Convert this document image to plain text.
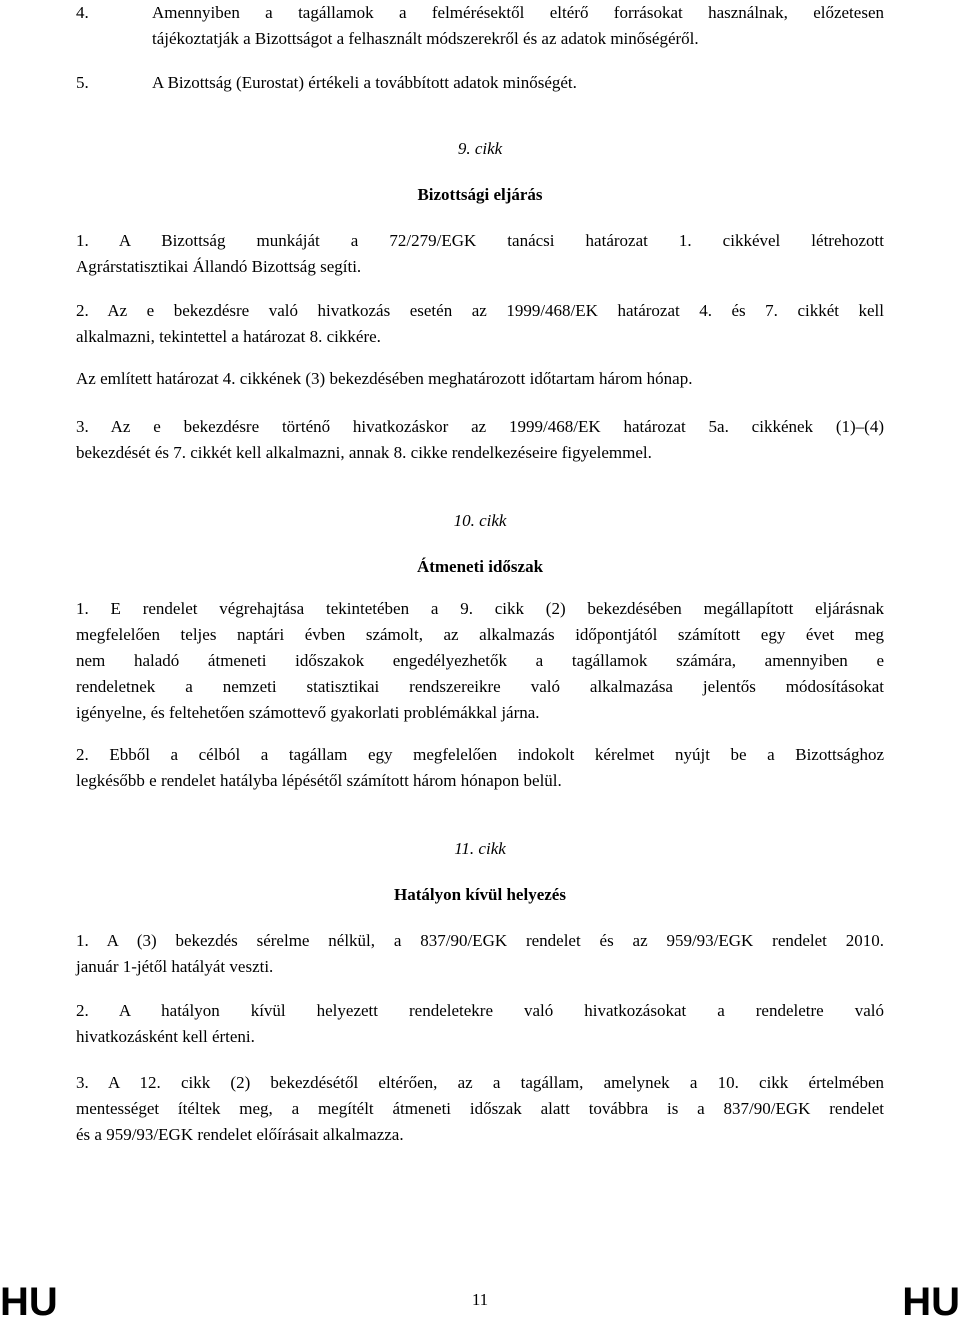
4.	Amennyiben a tagállamok a felmérésektől eltérő forrásokat használnak, előzetesen
tájékoztatják a Bizottságot a felhasznált módszerekről és az adatok minőségéről.
5.	A Bizottság (Eurostat) értékeli a továbbított adatok minőségét.
9. cikk
Bizottsági eljárás
1. A Bizottság munkáját a 72/279/EGK tanácsi határozat 1. cikkével létrehozott
Agrárstatisztikai Állandó Bizottság segíti.
2. Az e bekezdésre való hivatkozás esetén az 1999/468/EK határozat 4. és 7. cikkét kell
alkalmazni, tekintettel a határozat 8. cikkére.
Az említett határozat 4. cikkének (3) bekezdésében meghatározott időtartam három hónap.
3. Az e bekezdésre történő hivatkozáskor az 1999/468/EK határozat 5a. cikkének (1)–(4)
bekezdését és 7. cikkét kell alkalmazni, annak 8. cikke rendelkezéseire figyelemmel.
10. cikk
Átmeneti időszak
1. E rendelet végrehajtása tekintetében a 9. cikk (2) bekezdésében megállapított eljárásnak
megfelelően teljes naptári évben számolt, az alkalmazás időpontjától számított egy évet meg
nem haladó átmeneti időszakok engedélyezhetők a tagállamok számára, amennyiben e
rendeletnek a nemzeti statisztikai rendszereikre való alkalmazása jelentős módosításokat
igényelne, és feltehetően számottevő gyakorlati problémákkal járna.
2. Ebből a célból a tagállam egy megfelelően indokolt kérelmet nyújt be a Bizottsághoz
legkésőbb e rendelet hatályba lépésétől számított három hónapon belül.
11. cikk
Hatályon kívül helyezés
1. A (3) bekezdés sérelme nélkül, a 837/90/EGK rendelet és az 959/93/EGK rendelet 2010.
január 1-jétől hatályát veszti.
2. A hatályon kívül helyezett rendeletekre való hivatkozásokat a rendeletre való
hivatkozásként kell érteni.
3. A 12. cikk (2) bekezdésétől eltérően, az a tagállam, amelynek a 10. cikk értelmében
mentességet ítéltek meg, a megítélt átmeneti időszak alatt továbbra is a 837/90/EGK rendelet
és a 959/93/EGK rendelet előírásait alkalmazza.
HU	11	HU
